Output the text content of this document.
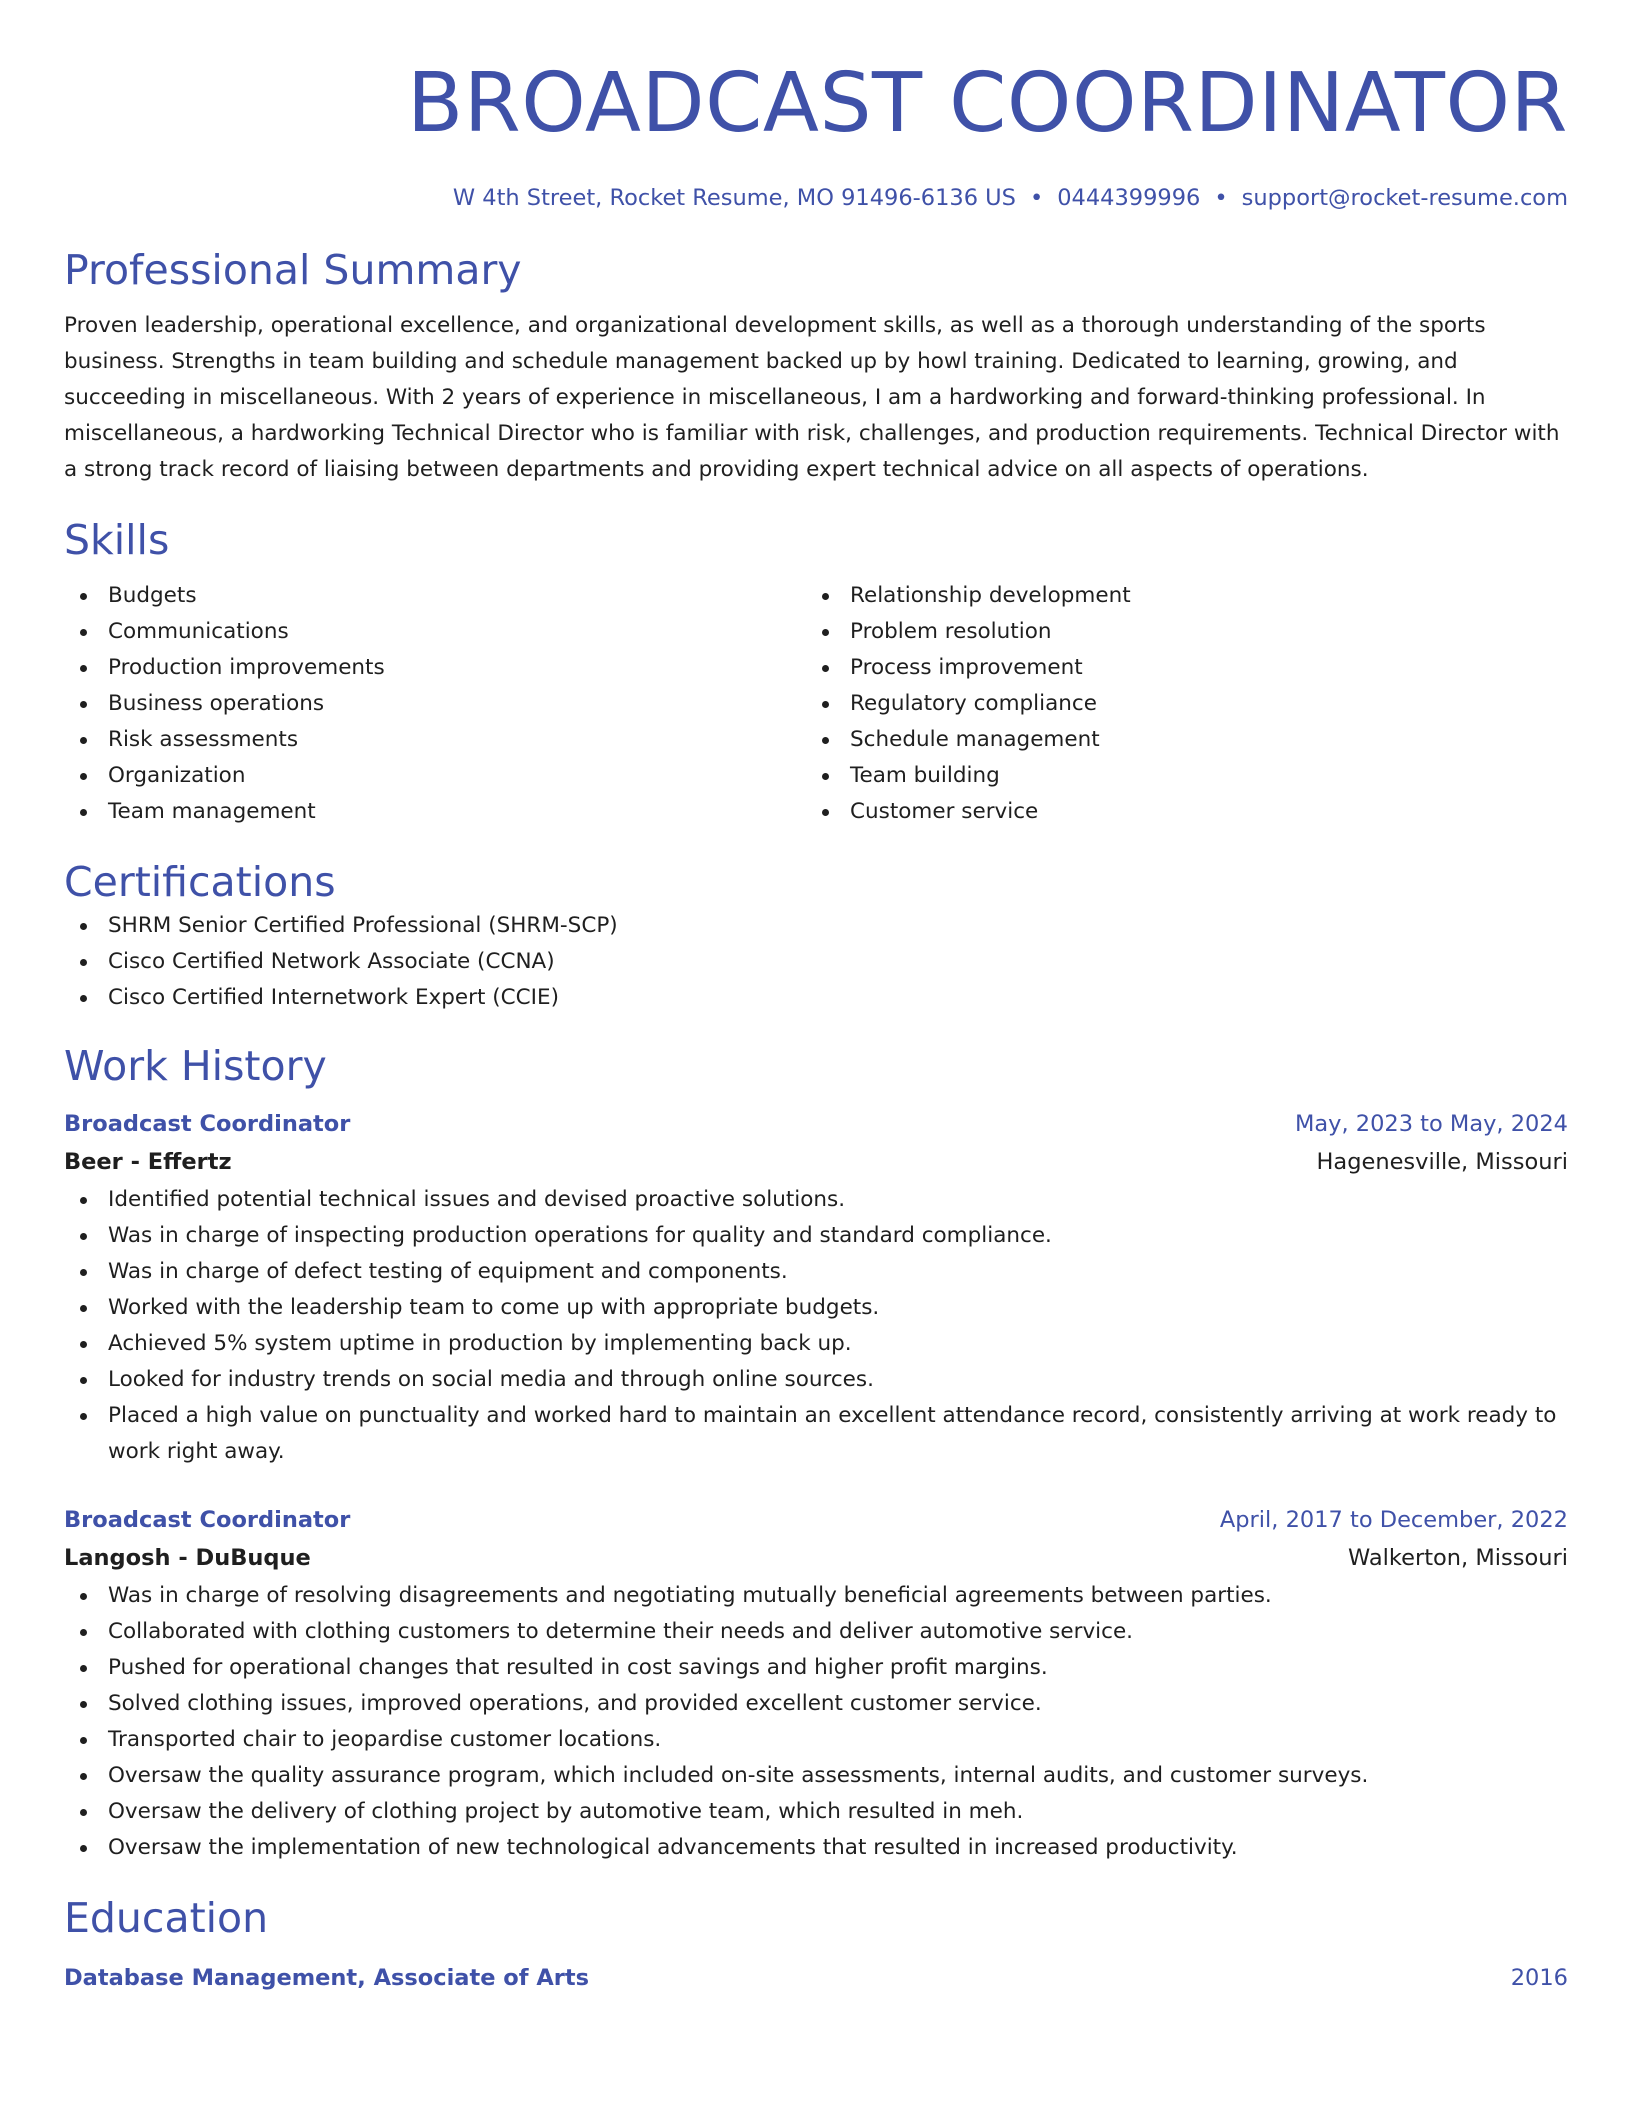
BROADCAST COORDINATOR
W 4th Street, Rocket Resume, MO 91496-6136 US • 0444399996 • support@rocket-resume.com
Professional Summary
Proven leadership, operational excellence, and organizational development skills, as well as a thorough understanding of the sports business. Strengths in team building and schedule management backed up by howl training. Dedicated to learning, growing, and succeeding in miscellaneous. With 2 years of experience in miscellaneous, I am a hardworking and forward-thinking professional. In miscellaneous, a hardworking Technical Director who is familiar with risk, challenges, and production requirements. Technical Director with a strong track record of liaising between departments and providing expert technical advice on all aspects of operations.
Skills
Budgets
Communications
Production improvements
Business operations
Risk assessments
Organization
Team management
Relationship development
Problem resolution
Process improvement
Regulatory compliance
Schedule management
Team building
Customer service
Certifications
SHRM Senior Certified Professional (SHRM-SCP)
Cisco Certified Network Associate (CCNA)
Cisco Certified Internetwork Expert (CCIE)
Work History
Broadcast Coordinator	May, 2023 to May, 2024
Beer - Effertz	Hagenesville, Missouri
Identified potential technical issues and devised proactive solutions.
Was in charge of inspecting production operations for quality and standard compliance.
Was in charge of defect testing of equipment and components.
Worked with the leadership team to come up with appropriate budgets.
Achieved 5% system uptime in production by implementing back up.
Looked for industry trends on social media and through online sources.
Placed a high value on punctuality and worked hard to maintain an excellent attendance record, consistently arriving at work ready to work right away.
Broadcast Coordinator	April, 2017 to December, 2022
Langosh - DuBuque	Walkerton, Missouri
Was in charge of resolving disagreements and negotiating mutually beneficial agreements between parties.
Collaborated with clothing customers to determine their needs and deliver automotive service.
Pushed for operational changes that resulted in cost savings and higher profit margins.
Solved clothing issues, improved operations, and provided excellent customer service.
Transported chair to jeopardise customer locations.
Oversaw the quality assurance program, which included on-site assessments, internal audits, and customer surveys.
Oversaw the delivery of clothing project by automotive team, which resulted in meh.
Oversaw the implementation of new technological advancements that resulted in increased productivity.
Education
Database Management, Associate of Arts	2016
